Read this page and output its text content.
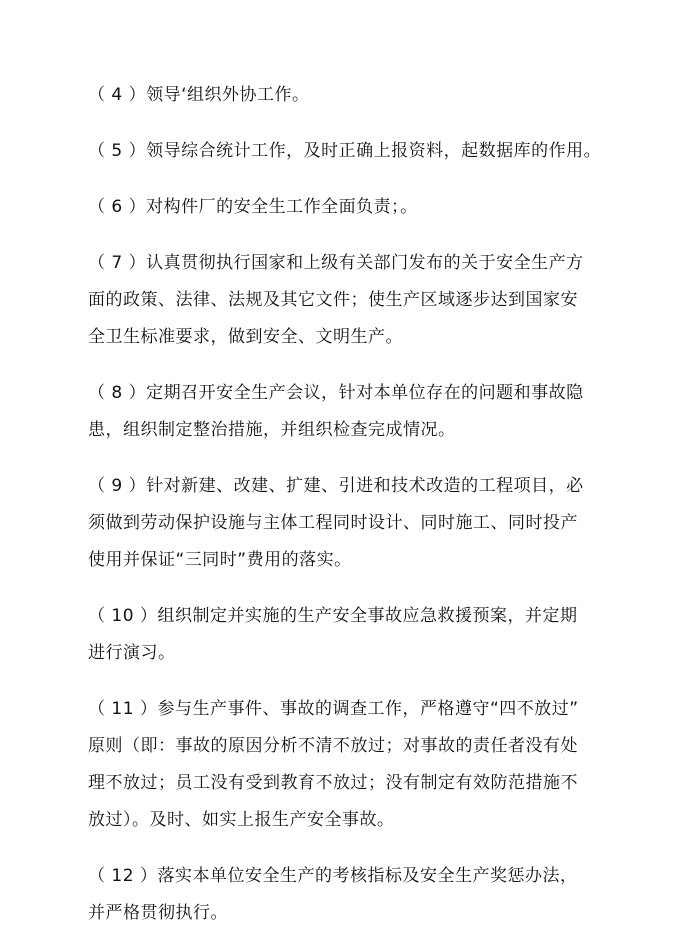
（ 4 ）领导‘组织外协工作。
（ 5 ）领导综合统计工作，及时正确上报资料，起数据库的作用。
（ 6 ）对构件厂的安全生工作全面负责；。
（ 7 ）认真贯彻执行国家和上级有关部门发布的关于安全生产方
面的政策、法律、法规及其它文件；使生产区域逐步达到国家安
全卫生标准要求，做到安全、文明生产。
（ 8 ）定期召开安全生产会议，针对本单位存在的问题和事故隐
患，组织制定整治措施，并组织检查完成情况。
（ 9 ）针对新建、改建、扩建、引进和技术改造的工程项目，必
须做到劳动保护设施与主体工程同时设计、同时施工、同时投产
使用并保证“三同时”费用的落实。
（ 10 ）组织制定并实施的生产安全事故应急救援预案，并定期
进行演习。
（ 11 ）参与生产事件、事故的调查工作，严格遵守“四不放过”
原则（即：事故的原因分析不清不放过；对事故的责任者没有处
理不放过；员工没有受到教育不放过；没有制定有效防范措施不
放过）。及时、如实上报生产安全事故。
（ 12 ）落实本单位安全生产的考核指标及安全生产奖惩办法，
并严格贯彻执行。
